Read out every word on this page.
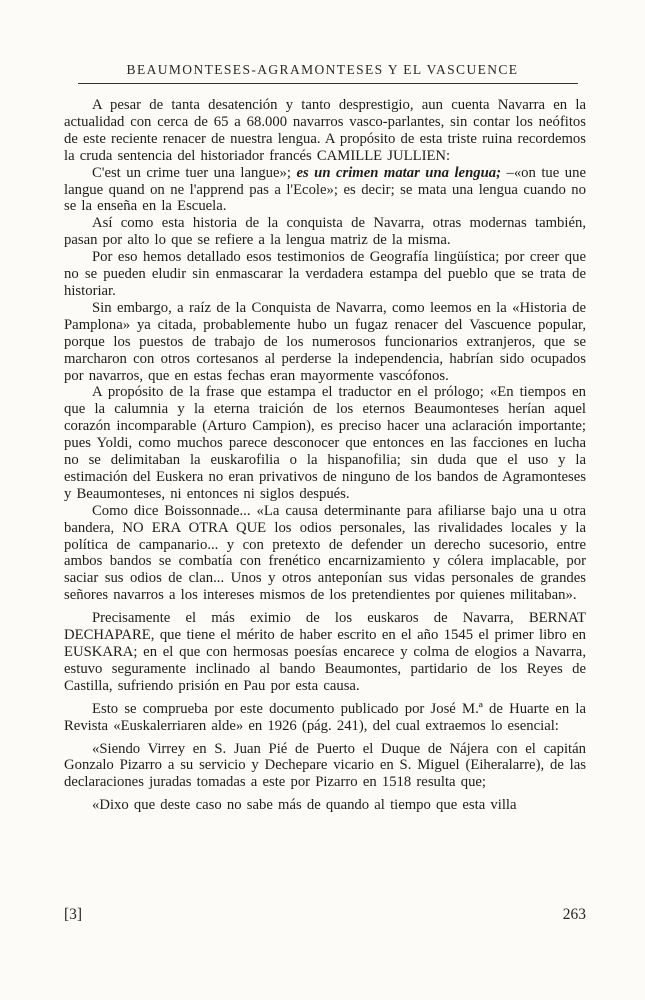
BEAUMONTESES-AGRAMONTESES Y EL VASCUENCE

A pesar de tanta desatención y tanto desprestigio, aun cuenta Navarra en la actualidad con cerca de 65 a 68.000 navarros vasco-parlantes, sin contar los neófitos de este reciente renacer de nuestra lengua. A propósito de esta triste ruina recordemos la cruda sentencia del historiador francés CAMILLE JULLIEN:

C'est un crime tuer una langue»; es un crimen matar una lengua; –«on tue une langue quand on ne l'apprend pas a l'Ecole»; es decir; se mata una lengua cuando no se la enseña en la Escuela.

Así como esta historia de la conquista de Navarra, otras modernas también, pasan por alto lo que se refiere a la lengua matriz de la misma.

Por eso hemos detallado esos testimonios de Geografía lingüística; por creer que no se pueden eludir sin enmascarar la verdadera estampa del pueblo que se trata de historiar.

Sin embargo, a raíz de la Conquista de Navarra, como leemos en la «Historia de Pamplona» ya citada, probablemente hubo un fugaz renacer del Vascuence popular, porque los puestos de trabajo de los numerosos funcionarios extranjeros, que se marcharon con otros cortesanos al perderse la independencia, habrían sido ocupados por navarros, que en estas fechas eran mayormente vascófonos.

A propósito de la frase que estampa el traductor en el prólogo; «En tiempos en que la calumnia y la eterna traición de los eternos Beaumonteses herían aquel corazón incomparable (Arturo Campion), es preciso hacer una aclaración importante; pues Yoldi, como muchos parece desconocer que entonces en las facciones en lucha no se delimitaban la euskarofilia o la hispanofilia; sin duda que el uso y la estimación del Euskera no eran privativos de ninguno de los bandos de Agramonteses y Beaumonteses, ni entonces ni siglos después.

Como dice Boissonnade... «La causa determinante para afiliarse bajo una u otra bandera, NO ERA OTRA QUE los odios personales, las rivalidades locales y la política de campanario... y con pretexto de defender un derecho sucesorio, entre ambos bandos se combatía con frenético encarnizamiento y cólera implacable, por saciar sus odios de clan... Unos y otros anteponían sus vidas personales de grandes señores navarros a los intereses mismos de los pretendientes por quienes militaban».

Precisamente el más eximio de los euskaros de Navarra, BERNAT DECHAPARE, que tiene el mérito de haber escrito en el año 1545 el primer libro en EUSKARA; en el que con hermosas poesías encarece y colma de elogios a Navarra, estuvo seguramente inclinado al bando Beaumontes, partidario de los Reyes de Castilla, sufriendo prisión en Pau por esta causa.

Esto se comprueba por este documento publicado por José M.ª de Huarte en la Revista «Euskalerriaren alde» en 1926 (pág. 241), del cual extraemos lo esencial:

«Siendo Virrey en S. Juan Pié de Puerto el Duque de Nájera con el capitán Gonzalo Pizarro a su servicio y Dechepare vicario en S. Miguel (Eiheralarre), de las declaraciones juradas tomadas a este por Pizarro en 1518 resulta que;

«Dixo que deste caso no sabe más de quando al tiempo que esta villa

[3]	263
